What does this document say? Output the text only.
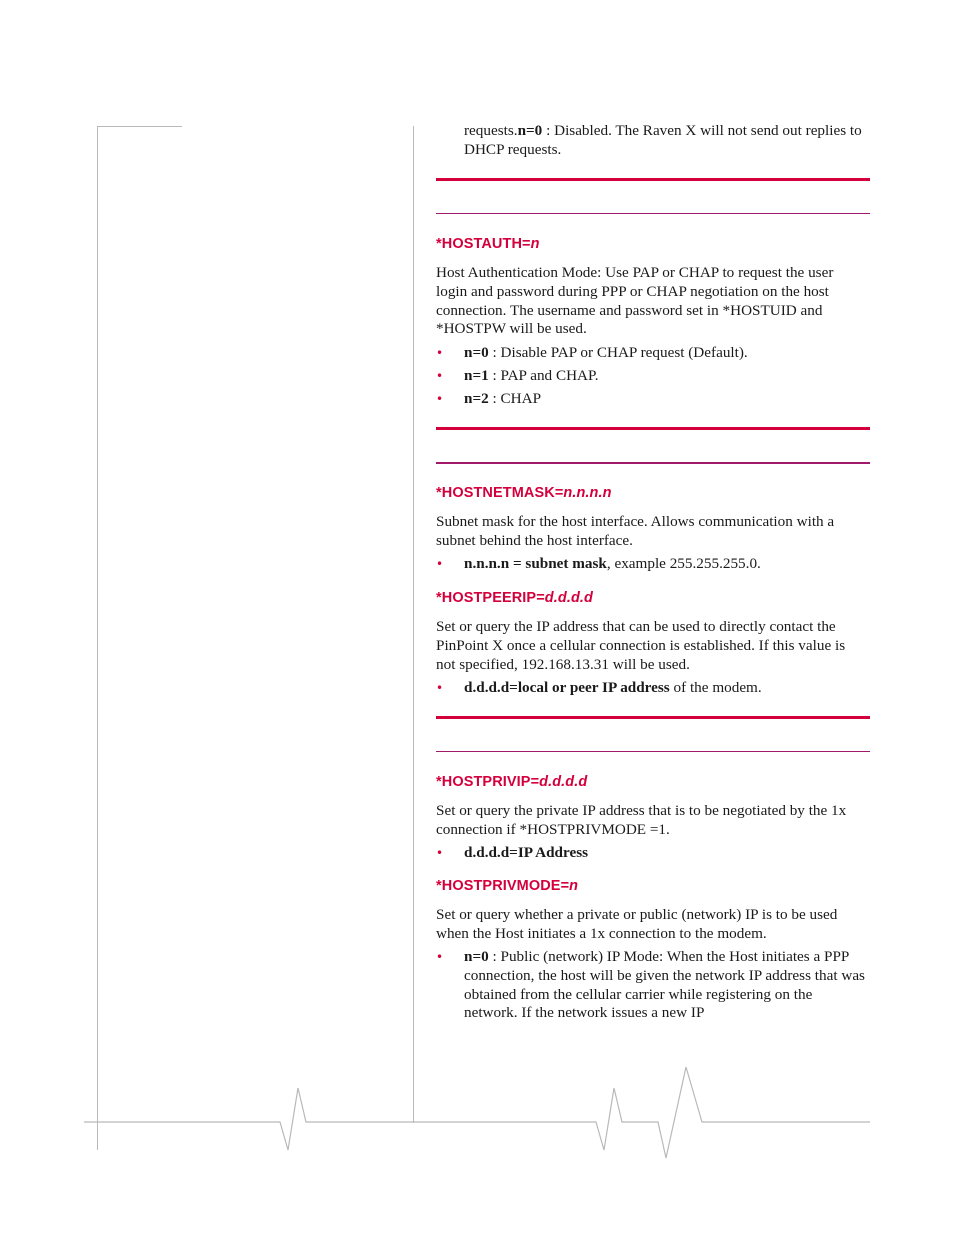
requests.n=0 : Disabled. The Raven X will not send out replies to DHCP requests.
*HOSTAUTH=n
Host Authentication Mode: Use PAP or CHAP to request the user login and password during PPP or CHAP negotiation on the host connection. The username and password set in *HOSTUID and *HOSTPW will be used.
• n=0 : Disable PAP or CHAP request (Default).
• n=1 : PAP and CHAP.
• n=2 : CHAP
*HOSTNETMASK=n.n.n.n
Subnet mask for the host interface. Allows communication with a subnet behind the host interface.
• n.n.n.n = subnet mask, example 255.255.255.0.
*HOSTPEERIP=d.d.d.d
Set or query the IP address that can be used to directly contact the PinPoint X once a cellular connection is established. If this value is not specified, 192.168.13.31 will be used.
• d.d.d.d=local or peer IP address of the modem.
*HOSTPRIVIP=d.d.d.d
Set or query the private IP address that is to be negotiated by the 1x connection if *HOSTPRIVMODE =1.
• d.d.d.d=IP Address
*HOSTPRIVMODE=n
Set or query whether a private or public (network) IP is to be used when the Host initiates a 1x connection to the modem.
• n=0 : Public (network) IP Mode: When the Host initiates a PPP connection, the host will be given the network IP address that was obtained from the cellular carrier while registering on the network. If the network issues a new IP
